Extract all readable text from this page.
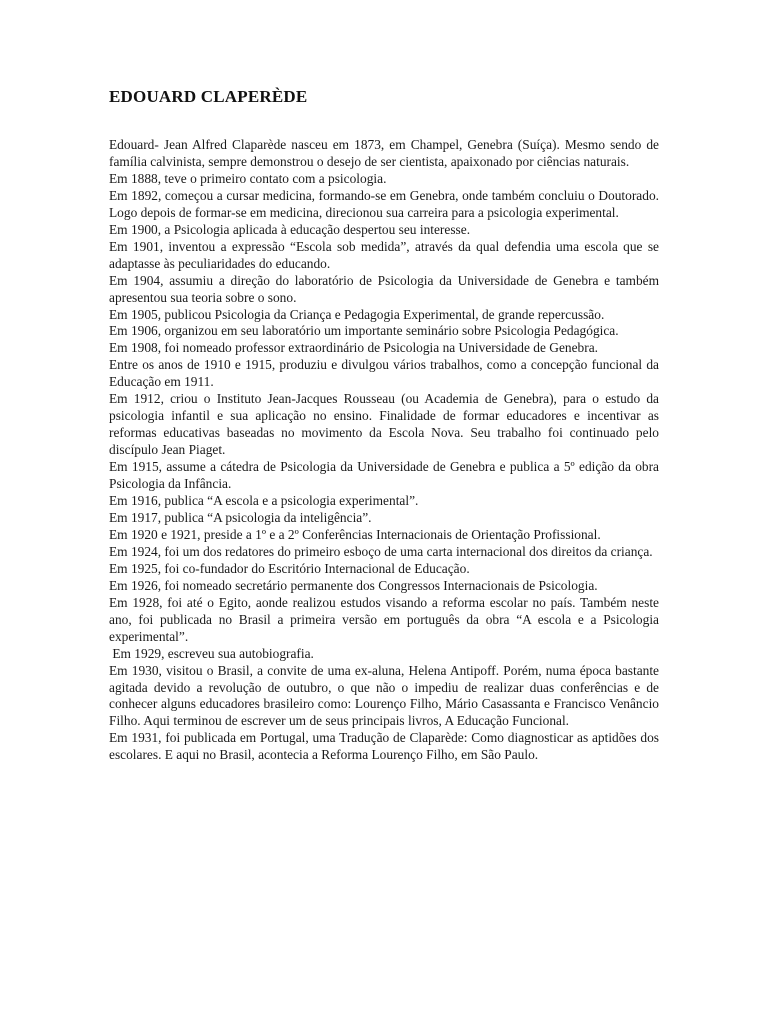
EDOUARD CLAPERÈDE

Edouard- Jean Alfred Claparède nasceu em 1873, em Champel, Genebra (Suíça). Mesmo sendo de família calvinista, sempre demonstrou o desejo de ser cientista, apaixonado por ciências naturais.

Em 1888, teve o primeiro contato com a psicologia.

Em 1892, começou a cursar medicina, formando-se em Genebra, onde também concluiu o Doutorado. Logo depois de formar-se em medicina, direcionou sua carreira para a psicologia experimental.

Em 1900, a Psicologia aplicada à educação despertou seu interesse.

Em 1901, inventou a expressão “Escola sob medida”, através da qual defendia uma escola que se adaptasse às peculiaridades do educando.

Em 1904, assumiu a direção do laboratório de Psicologia da Universidade de Genebra e também apresentou sua teoria sobre o sono.

Em 1905, publicou Psicologia da Criança e Pedagogia Experimental, de grande repercussão.

Em 1906, organizou em seu laboratório um importante seminário sobre Psicologia Pedagógica.

Em 1908, foi nomeado professor extraordinário de Psicologia na Universidade de Genebra.

Entre os anos de 1910 e 1915, produziu e divulgou vários trabalhos, como a concepção funcional da Educação em 1911.

Em 1912, criou o Instituto Jean-Jacques Rousseau (ou Academia de Genebra), para o estudo da psicologia infantil e sua aplicação no ensino. Finalidade de formar educadores e incentivar as reformas educativas baseadas no movimento da Escola Nova. Seu trabalho foi continuado pelo discípulo Jean Piaget.

Em 1915, assume a cátedra de Psicologia da Universidade de Genebra e publica a 5º edição da obra Psicologia da Infância.

Em 1916, publica “A escola e a psicologia experimental”.

Em 1917, publica “A psicologia da inteligência”.

Em 1920 e 1921, preside a 1º e a 2º Conferências Internacionais de Orientação Profissional.

Em 1924, foi um dos redatores do primeiro esboço de uma carta internacional dos direitos da criança.

Em 1925, foi co-fundador do Escritório Internacional de Educação.

Em 1926, foi nomeado secretário permanente dos Congressos Internacionais de Psicologia.

Em 1928, foi até o Egito, aonde realizou estudos visando a reforma escolar no país. Também neste ano, foi publicada no Brasil a primeira versão em português da obra “A escola e a Psicologia experimental”.

Em 1929, escreveu sua autobiografia.

Em 1930, visitou o Brasil, a convite de uma ex-aluna, Helena Antipoff. Porém, numa época bastante agitada devido a revolução de outubro, o que não o impediu de realizar duas conferências e de conhecer alguns educadores brasileiro como: Lourenço Filho, Mário Casassanta e Francisco Venâncio Filho. Aqui terminou de escrever um de seus principais livros, A Educação Funcional.

Em 1931, foi publicada em Portugal, uma Tradução de Claparède: Como diagnosticar as aptidões dos escolares. E aqui no Brasil, acontecia a Reforma Lourenço Filho, em São Paulo.
